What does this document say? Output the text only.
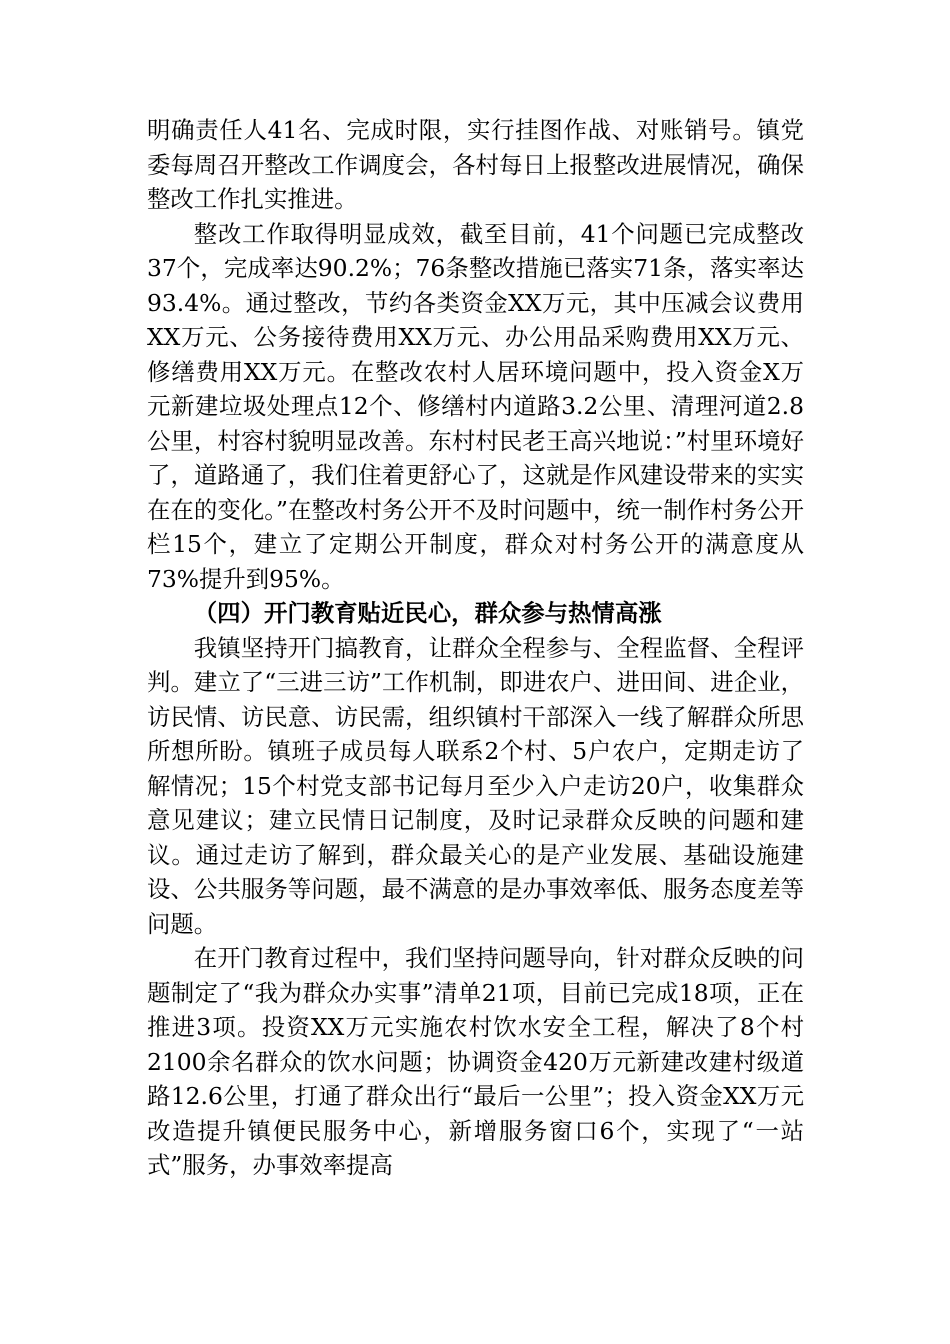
明确责任人41名、完成时限，实行挂图作战、对账销号。镇党委每周召开整改工作调度会，各村每日上报整改进展情况，确保整改工作扎实推进。

整改工作取得明显成效，截至目前，41个问题已完成整改37个，完成率达90.2%；76条整改措施已落实71条，落实率达93.4%。通过整改，节约各类资金XX万元，其中压减会议费用XX万元、公务接待费用XX万元、办公用品采购费用XX万元、修缮费用XX万元。在整改农村人居环境问题中，投入资金X万元新建垃圾处理点12个、修缮村内道路3.2公里、清理河道2.8公里，村容村貌明显改善。东村村民老王高兴地说：”村里环境好了，道路通了，我们住着更舒心了，这就是作风建设带来的实实在在的变化。”在整改村务公开不及时问题中，统一制作村务公开栏15个，建立了定期公开制度，群众对村务公开的满意度从73%提升到95%。

（四）开门教育贴近民心，群众参与热情高涨

我镇坚持开门搞教育，让群众全程参与、全程监督、全程评判。建立了“三进三访”工作机制，即进农户、进田间、进企业，访民情、访民意、访民需，组织镇村干部深入一线了解群众所思所想所盼。镇班子成员每人联系2个村、5户农户，定期走访了解情况；15个村党支部书记每月至少入户走访20户，收集群众意见建议；建立民情日记制度，及时记录群众反映的问题和建议。通过走访了解到，群众最关心的是产业发展、基础设施建设、公共服务等问题，最不满意的是办事效率低、服务态度差等问题。

在开门教育过程中，我们坚持问题导向，针对群众反映的问题制定了“我为群众办实事”清单21项，目前已完成18项，正在推进3项。投资XX万元实施农村饮水安全工程，解决了8个村2100余名群众的饮水问题；协调资金420万元新建改建村级道路12.6公里，打通了群众出行“最后一公里”；投入资金XX万元改造提升镇便民服务中心，新增服务窗口6个，实现了“一站式”服务，办事效率提高
